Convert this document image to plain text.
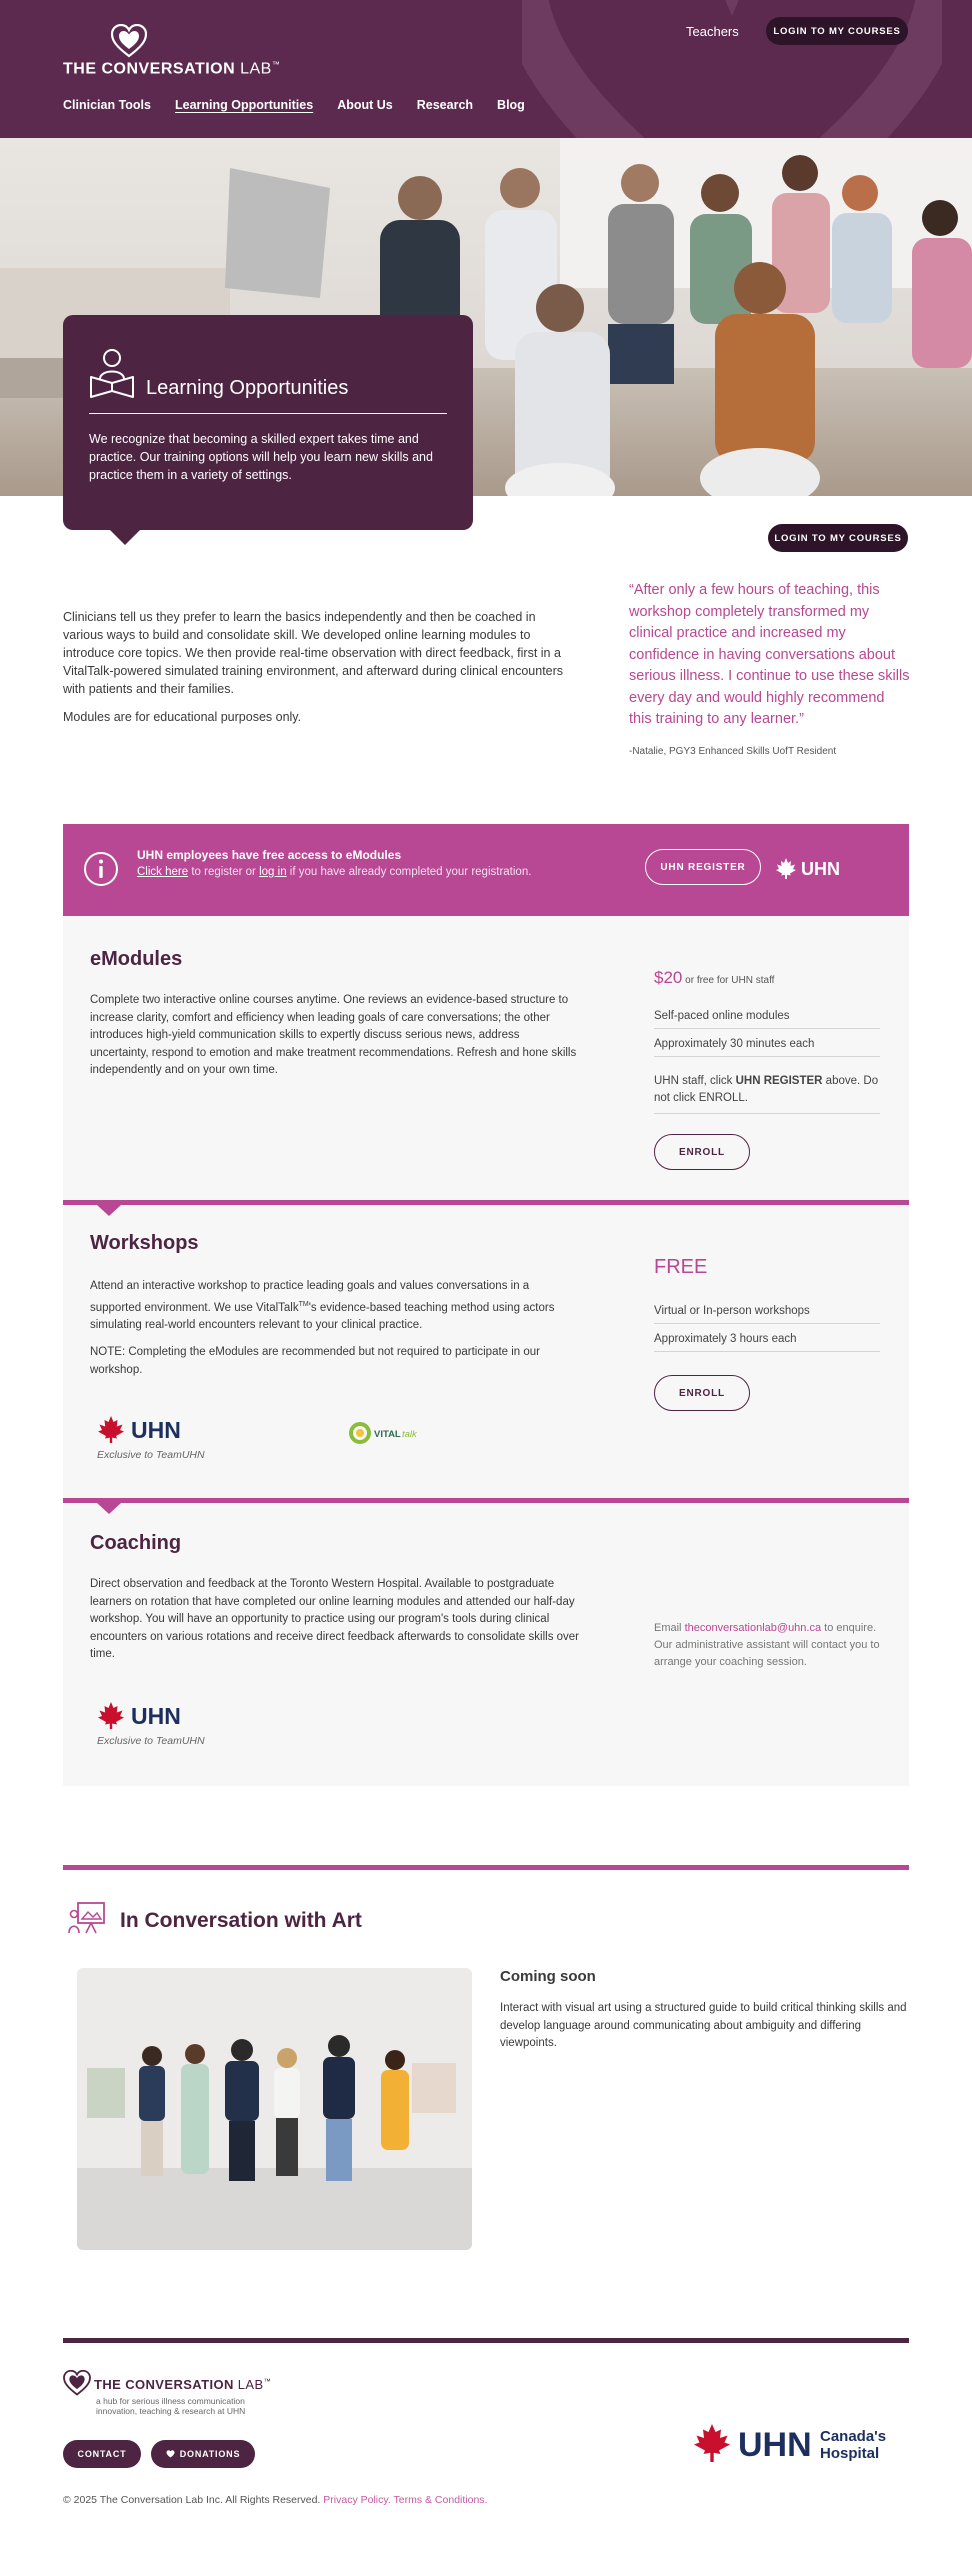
THE CONVERSATION LAB™
Teachers	LOGIN TO MY COURSES
Clinician Tools Learning Opportunities About Us Research Blog
Learning Opportunities
We recognize that becoming a skilled expert takes time and practice. Our training options will help you learn new skills and practice them in a variety of settings.
LOGIN TO MY COURSES

Clinicians tell us they prefer to learn the basics independently and then be coached in various ways to build and consolidate skill. We developed online learning modules to introduce core topics. We then provide real-time observation with direct feedback, first in a VitalTalk-powered simulated training environment, and afterward during clinical encounters with patients and their families.

Modules are for educational purposes only.

“After only a few hours of teaching, this workshop completely transformed my clinical practice and increased my confidence in having conversations about serious illness. I continue to use these skills every day and would highly recommend this training to any learner.”
-Natalie, PGY3 Enhanced Skills UofT Resident
UHN employees have free access to eModules
Click here to register or log in if you have already completed your registration.	UHN REGISTER	UHN
eModules
Complete two interactive online courses anytime. One reviews an evidence-based structure to increase clarity, comfort and efficiency when leading goals of care conversations; the other introduces high-yield communication skills to expertly discuss serious news, address uncertainty, respond to emotion and make treatment recommendations. Refresh and hone skills independently and on your own time.
$20 or free for UHN staff
Self-paced online modules
Approximately 30 minutes each
UHN staff, click UHN REGISTER above. Do not click ENROLL.
ENROLL
Workshops

Attend an interactive workshop to practice leading goals and values conversations in a supported environment. We use VitalTalk™'s evidence-based teaching method using actors simulating real-world encounters relevant to your clinical practice.

NOTE: Completing the eModules are recommended but not required to participate in our workshop.

FREE
Virtual or In-person workshops
Approximately 3 hours each
ENROLL
UHN
Exclusive to TeamUHN
VITAL talk
Coaching
Direct observation and feedback at the Toronto Western Hospital. Available to postgraduate learners on rotation that have completed our online learning modules and attended our half-day workshop. You will have an opportunity to practice using our program's tools during clinical encounters on various rotations and receive direct feedback afterwards to consolidate skills over time.
Email theconversationlab@uhn.ca to enquire. Our administrative assistant will contact you to arrange your coaching session.
UHN
Exclusive to TeamUHN
In Conversation with Art
Coming soon
Interact with visual art using a structured guide to build critical thinking skills and develop language around communicating about ambiguity and differing viewpoints.
THE CONVERSATION LAB™
a hub for serious illness communication innovation, teaching & research at UHN
CONTACT	DONATIONS	UHN Canada's
Hospital
© 2025 The Conversation Lab Inc. All Rights Reserved. Privacy Policy. Terms & Conditions.
